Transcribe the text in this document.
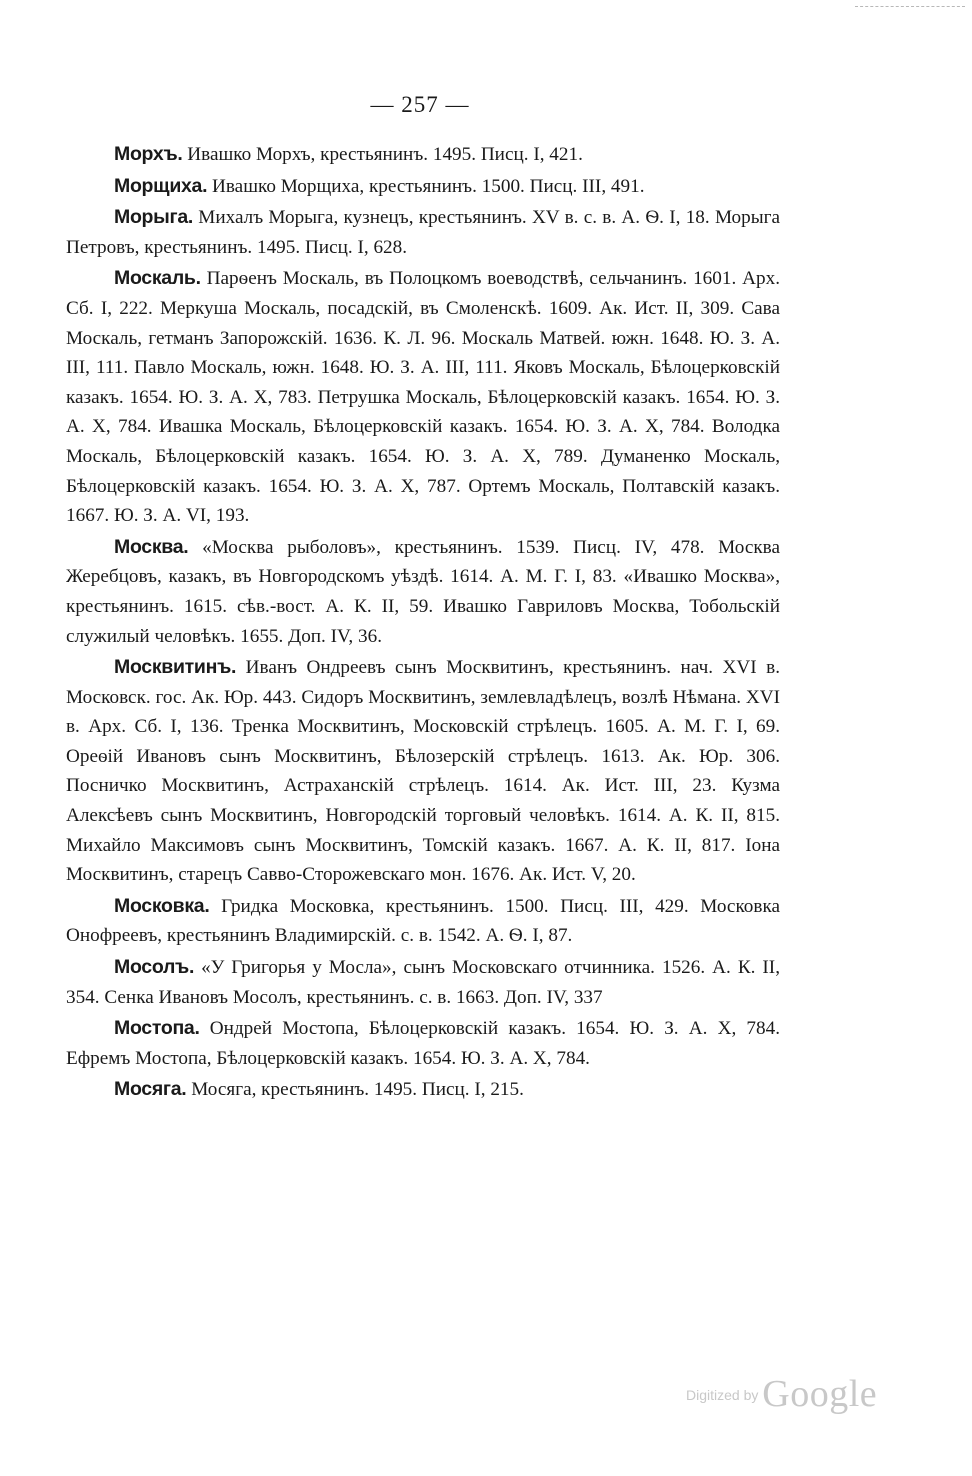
— 257 —

Морхъ. Ивашко Морхъ, крестьянинъ. 1495. Писц. I, 421.

Морщиха. Ивашко Морщиха, крестьянинъ. 1500. Писц. III, 491.

Морыга. Михалъ Морыга, кузнецъ, крестьянинъ. XV в. с. в. А. Ѳ. I, 18. Морыга Петровъ, крестьянинъ. 1495. Писц. I, 628.

Москаль. Парѳенъ Москаль, въ Полоцкомъ воеводствѣ, сельчанинъ. 1601. Арх. Сб. I, 222. Меркуша Москаль, посадскій, въ Смоленскѣ. 1609. Ак. Ист. II, 309. Сава Москаль, гетманъ Запорожскій. 1636. К. Л. 96. Москаль Матвей. южн. 1648. Ю. З. А. III, 111. Павло Москаль, южн. 1648. Ю. З. А. III, 111. Яковъ Москаль, Бѣлоцерковскій казакъ. 1654. Ю. З. А. X, 783. Петрушка Москаль, Бѣлоцерковскій казакъ. 1654. Ю. З. А. X, 784. Ивашка Москаль, Бѣлоцерковскій казакъ. 1654. Ю. З. А. X, 784. Володка Москаль, Бѣлоцерковскій казакъ. 1654. Ю. З. А. X, 789. Думаненко Москаль, Бѣлоцерковскій казакъ. 1654. Ю. З. А. X, 787. Ортемъ Москаль, Полтавскій казакъ. 1667. Ю. З. А. VI, 193.

Москва. «Москва рыболовъ», крестьянинъ. 1539. Писц. IV, 478. Москва Жеребцовъ, казакъ, въ Новгородскомъ уѣздѣ. 1614. А. М. Г. I, 83. «Ивашко Москва», крестьянинъ. 1615. сѣв.-вост. А. К. II, 59. Ивашко Гавриловъ Москва, Тобольскій служилый человѣкъ. 1655. Доп. IV, 36.

Москвитинъ. Иванъ Ондреевъ сынъ Москвитинъ, крестьянинъ. нач. XVI в. Московск. гос. Ак. Юр. 443. Сидоръ Москвитинъ, землевладѣлецъ, возлѣ Нѣмана. XVI в. Арх. Сб. I, 136. Тренка Москвитинъ, Московскій стрѣлецъ. 1605. А. М. Г. I, 69. Ореѳій Ивановъ сынъ Москвитинъ, Бѣлозерскій стрѣлецъ. 1613. Ак. Юр. 306. Посничко Москвитинъ, Астраханскій стрѣлецъ. 1614. Ак. Ист. III, 23. Кузма Алексѣевъ сынъ Москвитинъ, Новгородскій торговый человѣкъ. 1614. А. К. II, 815. Михайло Максимовъ сынъ Москвитинъ, Томскій казакъ. 1667. А. К. II, 817. Іона Москвитинъ, старецъ Савво-Сторожевскаго мон. 1676. Ак. Ист. V, 20.

Московка. Гридка Московка, крестьянинъ. 1500. Писц. III, 429. Московка Онофреевъ, крестьянинъ Владимирскій. с. в. 1542. А. Ѳ. I, 87.

Мосолъ. «У Григорья у Мосла», сынъ Московскаго отчинника. 1526. А. К. II, 354. Сенка Ивановъ Мосолъ, крестьянинъ. с. в. 1663. Доп. IV, 337

Мостопа. Ондрей Мостопа, Бѣлоцерковскій казакъ. 1654. Ю. З. А. X, 784. Ефремъ Мостопа, Бѣлоцерковскій казакъ. 1654. Ю. З. А. X, 784.

Мосяга. Мосяга, крестьянинъ. 1495. Писц. I, 215.

Digitized by Google
